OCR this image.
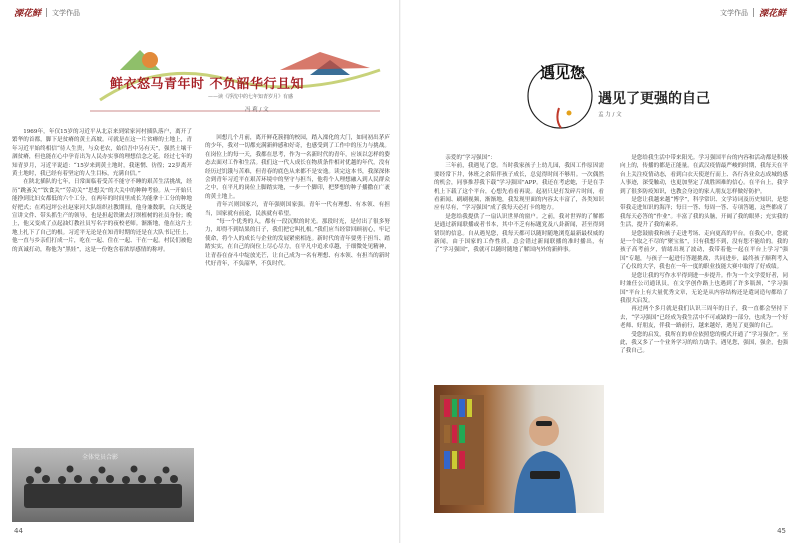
溧花鲜 文学作品
鲜衣怒马青年时 不负韶华行且知
——读《浮沈中的七年知青岁月》有感
冯 莉 / 文

1969年，年仅15岁的习近平从北京来到梁家河村插队落户，离开了繁华的首都，脚下是贫瘠的黄土高坡。可就是在这一片贫瘠的土地上，青年习近平始终相信“待人生贵，与众老农，始信吾中另有天”，强然土壤干涸贫瘠，但也能在心中孕育出为人民办实事的理想信念之花。经过七年的知青岁月，习近平说道：“15岁来到黄土地时，我迷惘、彷徨；22岁离开黄土地时，我已经有着坚定的人生目标，充满自信。”

在陕北插队的七年，日常面临着受苦不能守不睡的艰苦生活挑战，经历“跳蚤关”“饮食关”“劳动关”“思想关”的大关中的种种考验。从一开始只能挣到比妇女都低的六个工分，在两年的时间里成长为能拿十工分的种地好把式；在鸡冠坪公社赵家河大队组织社教期间，他身兼数职，白天既是宣讲文件、带头抓生产的领导，也是担起铁锹去打坝植树的社员身份；晚上，他又变成了点起油灯教社员写名字的夜校老师。渐渐地，他在这片土地上扎下了自己的根。习近平无论是在知青时期的还是在大队书记任上，他一直与乡亲们打成一片，吃在一起、住在一起、干在一起。村民们被他的真诚打动，称他为“黑娃”，这是一份饱含着浓厚感情的称呼。

回想几个月前，离开鲜花簇拥的校园，踏入溧化的大门，如同初出茅庐的少年，我对一切都充满新鲜感和好奇，也感受到了工作中的压力与挑战。在岗位上的每一天，我都在思考，作为一名新时代的青年，应该以怎样的姿态去面对工作和生活。我们这一代人成长在物质条件相对优越的年代，没有经历过饥饿与苦难，但青春的底色从来都不是安逸。读完这本书，我深深体会到青年习近平在艰苦环境中的坚守与担当，他将个人理想融入到人民群众之中，在平凡的岗位上脚踏实地，一步一个脚印，把梦想的种子播撒在广袤的黄土地上。

青年兴则国家兴，青年强则国家强。青年一代有理想、有本领、有担当，国家就有前途，民族就有希望。

“每一个优秀的人，都有一段沉默的时光。那段时光，是付出了很多努力，却得不到结果的日子，我们把它叫扎根。”我们应当经常回顾初心，牢记使命，将个人的成长与企业的发展紧密相连。新时代的青年要勇于担当、踏踏实实，在自己的岗位上尽心尽力，在平凡中追求卓越，于细微处见精神，让青春在奋斗中绽放光芒，让自己成为一名有理想、有本领、有担当的新时代好青年，不负韶华，不负时代。

全体党员合影
44
文学作品 溧花鲜
遇见您
遇见了更强的自己
孟 力 / 文

亲爱的“学习强国”：

三年前，我遇见了您。当时我家孩子上幼儿园，我因工作原因需要经常下井，休班之余陪伴孩子成长，总觉得时间不够用。一次偶然的机会，同事推荐我下载“学习强国”APP。我还在考虑她，于是在手机上下载了这个平台，心想先看看再说。起初只是打发碎片时间，看看新闻、刷刷视频，渐渐地，我发现里面的内容太丰富了，各类知识应有尽有，“学习强国”成了我每天必打卡的地方。

是您给我提供了一扇认识世界的窗户。之前，我对世界的了解都是通过新闻联播或者书本，其中不乏有标题党及八卦新闻，甚至得到错误的信息。自从遇见您，我每天都可以随时随地浏览最新最权威的新闻，由于国家的工作性质，总会错过新闻联播的准时播出，有了“学习强国”，我就可以随时随地了解国内外的新鲜事。

是您给我生活中带来阳光。学习强国平台的内容和活动都是积极向上的，传播的都是正能量。在武汉疫情最严峻的时期，我每天在平台上关注疫情动态，看到白衣天使逆行而上、各行各业众志成城的感人事迹，深受触动，也更加坚定了战胜困难的信心。在平台上，我学到了很多防疫知识，也教会身边的家人朋友怎样做好防护。

是您让我越来越“博学”，科学常识、文学诗词及历史知识，是您带我走进知识的海洋；每日一答、每周一答、专项答题，这些都成了我每天必答的“作业”。丰富了我的头脑，开阔了我的眼界；充实我的生活，提升了我的素养。

是您鼓励我和孩子走进考场、走向更高的平台。在我心中，您就是一个取之不尽的“聚宝盆”，只有我想不到，没有您不能给的。我的孩子高考前夕，情绪出现了波动，我带着他一起在平台上学习“强国”专题，与孩子一起进行答题挑战，共同进步，最终孩子顺利考入了心仪的大学，我也在一年一度的职业技能大赛中取得了好成绩。

是您让我的写作水平得到进一步提升。作为一个文学爱好者，同时兼任公司通讯员，在文学创作路上也遇到了许多瓶颈，“学习强国”平台上有大量优秀文章，无论是从内容结构还是遣词造句都给了我很大启发。

再过两个多月就是我们认识三周年的日子，我一直都会坚持下去，“学习强国”已经成为我生活中不可或缺的一部分，也成为一个好老师、好朋友，伴我一路前行，越来越好，遇见了更强的自己。

受您的启发，我所在的单位依照您的模式开通了“学习强企”。至此，我又多了一个业务学习的给力助手。遇见您，强国，强企，也强了我自己。

45
